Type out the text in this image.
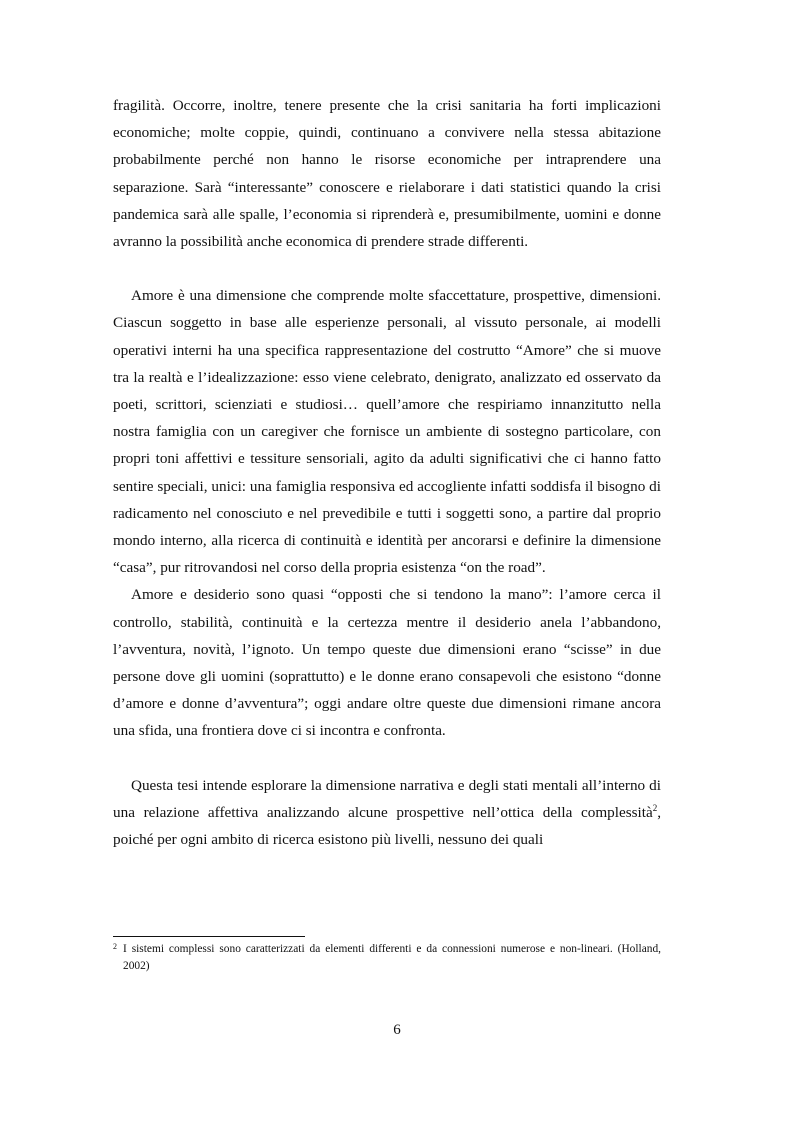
fragilità. Occorre, inoltre, tenere presente che la crisi sanitaria ha forti implicazioni economiche; molte coppie, quindi, continuano a convivere nella stessa abitazione probabilmente perché non hanno le risorse economiche per intraprendere una separazione. Sarà “interessante” conoscere e rielaborare i dati statistici quando la crisi pandemica sarà alle spalle, l’economia si riprenderà e, presumibilmente, uomini e donne avranno la possibilità anche economica di prendere strade differenti.

Amore è una dimensione che comprende molte sfaccettature, prospettive, dimensioni. Ciascun soggetto in base alle esperienze personali, al vissuto personale, ai modelli operativi interni ha una specifica rappresentazione del costrutto “Amore” che si muove tra la realtà e l’idealizzazione: esso viene celebrato, denigrato, analizzato ed osservato da poeti, scrittori, scienziati e studiosi… quell’amore che respiriamo innanzitutto nella nostra famiglia con un caregiver che fornisce un ambiente di sostegno particolare, con propri toni affettivi e tessiture sensoriali, agito da adulti significativi che ci hanno fatto sentire speciali, unici: una famiglia responsiva ed accogliente infatti soddisfa il bisogno di radicamento nel conosciuto e nel prevedibile e tutti i soggetti sono, a partire dal proprio mondo interno, alla ricerca di continuità e identità per ancorarsi e definire la dimensione “casa”, pur ritrovandosi nel corso della propria esistenza “on the road”.

Amore e desiderio sono quasi “opposti che si tendono la mano”: l’amore cerca il controllo, stabilità, continuità e la certezza mentre il desiderio anela l’abbandono, l’avventura, novità, l’ignoto. Un tempo queste due dimensioni erano “scisse” in due persone dove gli uomini (soprattutto) e le donne erano consapevoli che esistono “donne d’amore e donne d’avventura”; oggi andare oltre queste due dimensioni rimane ancora una sfida, una frontiera dove ci si incontra e confronta.

Questa tesi intende esplorare la dimensione narrativa e degli stati mentali all’interno di una relazione affettiva analizzando alcune prospettive nell’ottica della complessità$^2$, poiché per ogni ambito di ricerca esistono più livelli, nessuno dei quali

2 I sistemi complessi sono caratterizzati da elementi differenti e da connessioni numerose e non-lineari. (Holland, 2002)
6
